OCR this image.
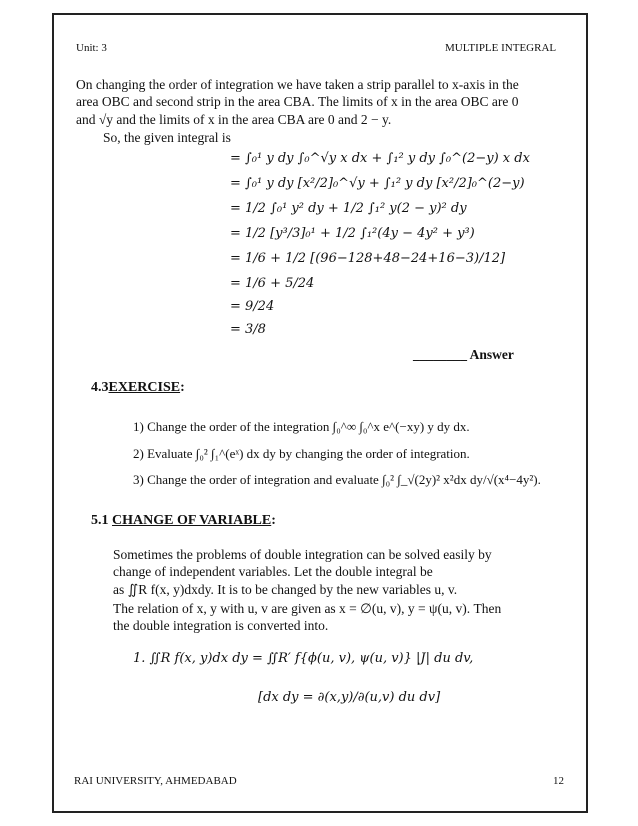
Unit: 3	MULTIPLE INTEGRAL
On changing the order of integration we have taken a strip parallel to x-axis in the
area OBC and second strip in the area CBA. The limits of x in the area OBC are 0
and √y and the limits of x in the area CBA are 0 and 2 − y.
So, the given integral is
= ∫₀¹ y dy ∫₀^√y x dx + ∫₁² y dy ∫₀^(2−y) x dx
= ∫₀¹ y dy [x²/2]₀^√y + ∫₁² y dy [x²/2]₀^(2−y)
= 1/2 ∫₀¹ y² dy + 1/2 ∫₁² y(2 − y)² dy
= 1/2 [y³/3]₀¹ + 1/2 ∫₁²(4y − 4y² + y³)
= 1/6 + 1/2 [(96−128+48−24+16−3)/12]
= 1/6 + 5/24
= 9/24
= 3/8
________ Answer
4.3EXERCISE:
1) Change the order of the integration ∫₀^∞ ∫₀^x e^(−xy) y dy dx.
2) Evaluate ∫₀² ∫₁^(eˣ) dx dy by changing the order of integration.
3) Change the order of integration and evaluate ∫₀² ∫_√(2y)² x²dx dy/√(x⁴−4y²).
5.1 CHANGE OF VARIABLE:
Sometimes the problems of double integration can be solved easily by
change of independent variables. Let the double integral be
as ∬R f(x, y)dxdy. It is to be changed by the new variables u, v.
The relation of x, y with u, v are given as x = ∅(u, v), y = ψ(u, v). Then
the double integration is converted into.
1. ∬R f(x, y)dx dy = ∬R′ f{ϕ(u, v), ψ(u, v)} |J| du dv,
[dx dy = ∂(x,y)/∂(u,v) du dv]
RAI UNIVERSITY, AHMEDABAD	12
